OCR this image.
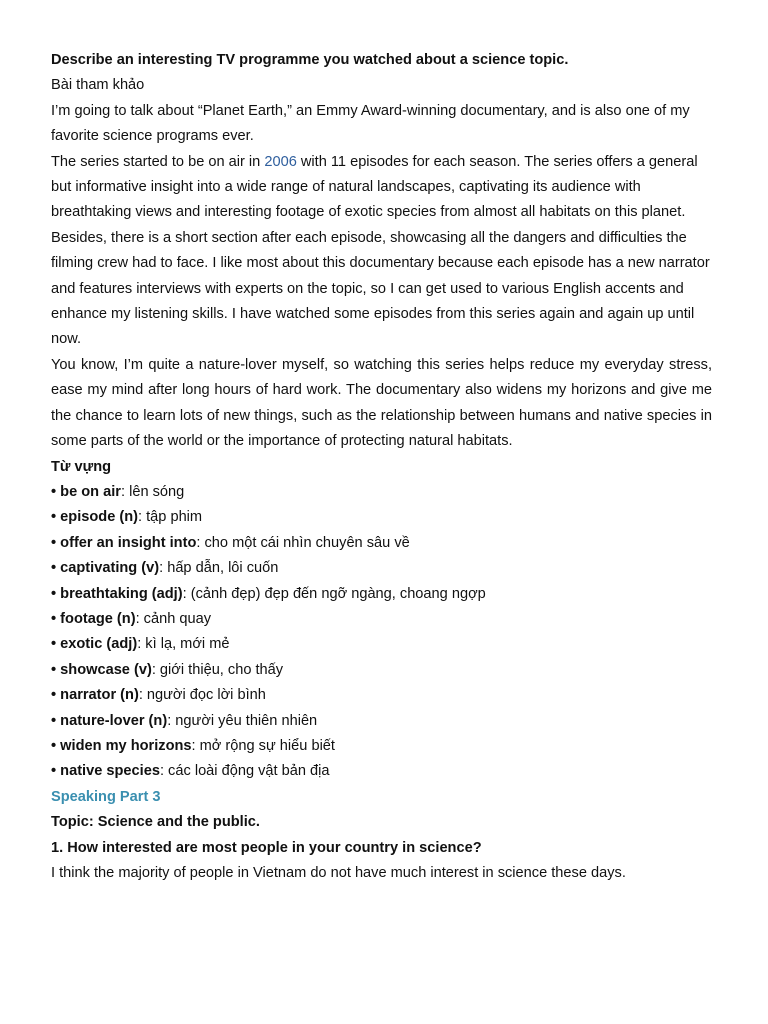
Describe an interesting TV programme you watched about a science topic.

Bài tham khảo

I’m going to talk about “Planet Earth,” an Emmy Award-winning documentary, and is also one of my favorite science programs ever.

The series started to be on air in 2006 with 11 episodes for each season. The series offers a general but informative insight into a wide range of natural landscapes, captivating its audience with breathtaking views and interesting footage of exotic species from almost all habitats on this planet. Besides, there is a short section after each episode, showcasing all the dangers and difficulties the filming crew had to face. I like most about this documentary because each episode has a new narrator and features interviews with experts on the topic, so I can get used to various English accents and enhance my listening skills. I have watched some episodes from this series again and again up until now.

You know, I’m quite a nature-lover myself, so watching this series helps reduce my everyday stress, ease my mind after long hours of hard work. The documentary also widens my horizons and give me the chance to learn lots of new things, such as the relationship between humans and native species in some parts of the world or the importance of protecting natural habitats.

Từ vựng

• be on air: lên sóng

• episode (n): tập phim

• offer an insight into: cho một cái nhìn chuyên sâu về

• captivating (v): hấp dẫn, lôi cuốn

• breathtaking (adj): (cảnh đẹp) đẹp đến ngỡ ngàng, choang ngợp

• footage (n): cảnh quay

• exotic (adj): kì lạ, mới mẻ

• showcase (v): giới thiệu, cho thấy

• narrator (n): người đọc lời bình

• nature-lover (n): người yêu thiên nhiên

• widen my horizons: mở rộng sự hiểu biết

• native species: các loài động vật bản địa

Speaking Part 3

Topic: Science and the public.

1. How interested are most people in your country in science?

I think the majority of people in Vietnam do not have much interest in science these days.
